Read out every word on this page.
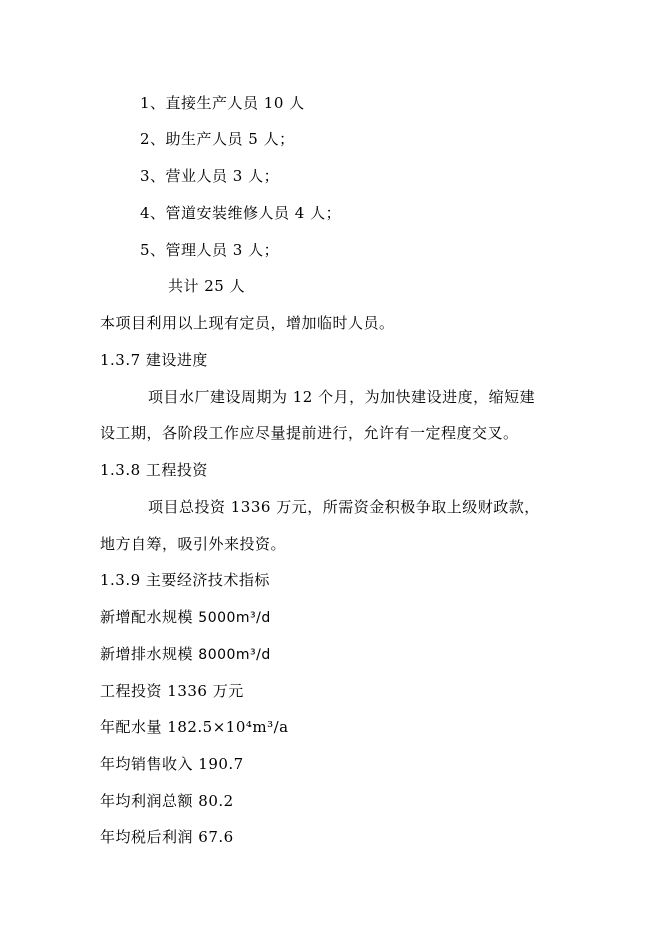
1、直接生产人员 10 人

2、助生产人员 5 人；

3、营业人员 3 人；

4、管道安装维修人员 4 人；

5、管理人员 3 人；

共计 25 人

本项目利用以上现有定员，增加临时人员。

1.3.7 建设进度

项目水厂建设周期为 12 个月，为加快建设进度，缩短建

设工期，各阶段工作应尽量提前进行，允许有一定程度交叉。

1.3.8 工程投资

项目总投资 1336 万元，所需资金积极争取上级财政款，

地方自筹，吸引外来投资。

1.3.9 主要经济技术指标

新增配水规模 5000m³/d

新增排水规模 8000m³/d

工程投资 1336 万元

年配水量 182.5×10⁴m³/a

年均销售收入 190.7

年均利润总额 80.2

年均税后利润 67.6
